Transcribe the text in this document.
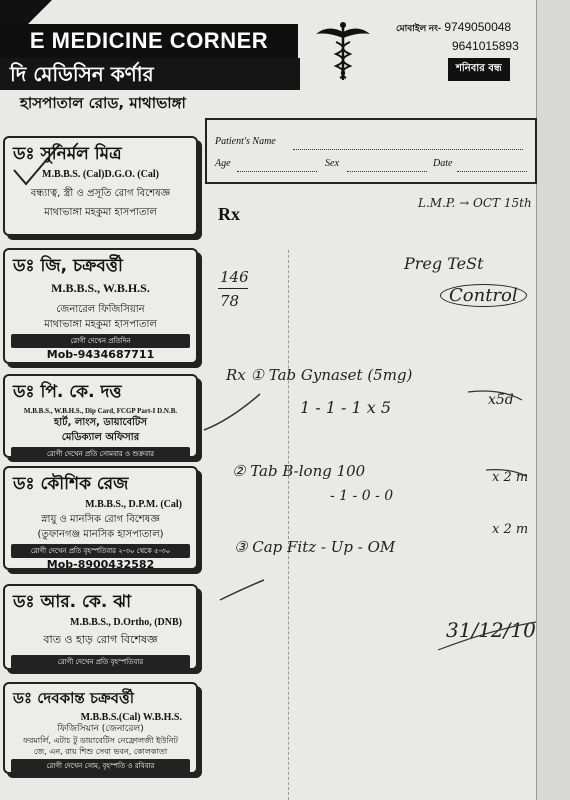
E MEDICINE CORNER
দি মেডিসিন কর্ণার
হাসপাতাল রোড, মাথাভাঙ্গা
মোবাইল নং- 9749050048
9641015893
শনিবার বন্ধ
ডঃ সুনির্মল মিত্র
M.B.B.S. (Cal)D.G.O. (Cal)
বন্ধ্যাত্ব, স্ত্রী ও প্রসূতি রোগ বিশেষজ্ঞ
মাথাভাঙ্গা মহকুমা হাসপাতাল
ডঃ জি, চক্রবর্ত্তী
M.B.B.S., W.B.H.S.
জেনারেল ফিজিসিয়ান
মাথাভাঙ্গা মহকুমা হাসপাতাল
রোগী দেখেন প্রতিদিন
Mob-9434687711
ডঃ পি. কে. দত্ত
M.B.B.S., W.B.H.S., Dip Card, FCGP Part-I D.N.B.
হার্ট, লাংস, ডায়াবেটিস
মেডিক্যাল অফিসার
রোগী দেখেন প্রতি সোমবার ও শুক্রবার
ডঃ কৌশিক রেজ
M.B.B.S., D.P.M. (Cal)
স্নায়ু ও মানসিক রোগ বিশেষজ্ঞ
(তুফানগঞ্জ মানসিক হাসপাতাল)
রোগী দেখেন প্রতি বৃহস্পতিবার ২-৩০ থেকে ৫-৩০
Mob-8900432582
ডঃ আর. কে. ঝা
M.B.B.S., D.Ortho, (DNB)
বাত ও হাড় রোগ বিশেষজ্ঞ
রোগী দেখেন প্রতি বৃহস্পতিবার
ডঃ দেবকান্ত চক্রবর্ত্তী
M.B.B.S.(Cal) W.B.H.S.
ফিজিসিয়ান (জেনারেল)
ফরমার্লি, এটাচ টু ডায়াবেটিস নেফ্রোলজী ইউনিট
জে, এন, রায় শিশু সেবা ভবন, কোলকাতা
রোগী দেখেন সোম, বৃহস্পতি ও রবিবার
Patient's Name
Age	Sex	Date
Rx
L.M.P. → OCT 15th
146
78
Preg TeSt
Control
Rx ① Tab Gynaset (5mg)
1 - 1 - 1 x 5	x5d
② Tab B-long 100
- 1 - 0 - 0
x 2 m
③ Cap Fitz - Up - OM
x 2 m
31/12/10
